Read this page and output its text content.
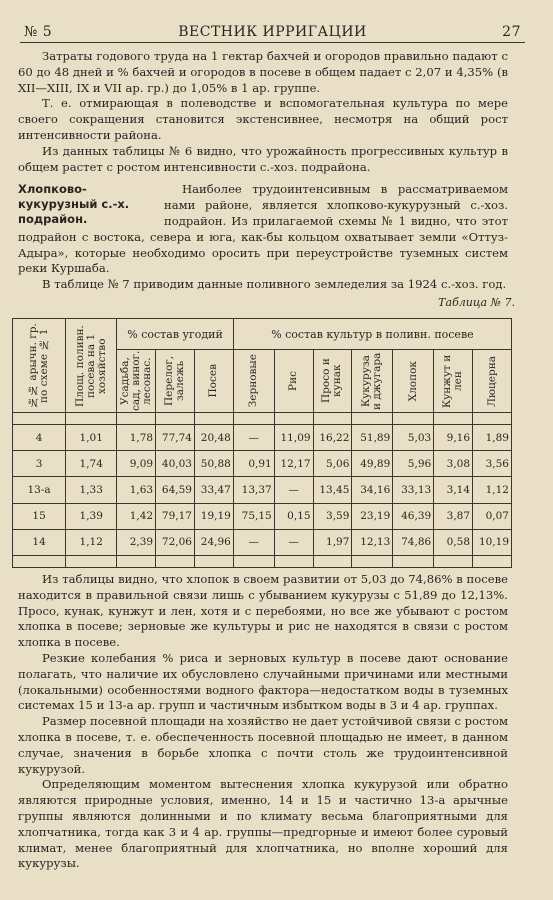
№ 5	ВЕСТНИК ИРРИГАЦИИ	27

Затраты годового труда на 1 гектар бахчей и огородов правильно падают с 60 до 48 дней и % бахчей и огородов в посеве в общем падает с 2,07 и 4,35% (в XII—XIII, IX и VII ар. гр.) до 1,05% в 1 ар. группе.

Т. е. отмирающая в полеводстве и вспомогательная культура по мере своего сокращения становится экстенсивнее, несмотря на общий рост интенсивности района.

Из данных таблицы № 6 видно, что урожайность прогрессивных культур в общем растет с ростом интенсивности с.-хоз. подрайона.

Хлопково-кукурузный с.-х. подрайон.

Наиболее трудоинтенсивным в рассматриваемом нами районе, является хлопково-кукурузный с.-хоз. подрайон. Из прилагаемой схемы № 1 видно, что этот подрайон с востока, севера и юга, как-бы кольцом охватывает земли «Оттуз-Адыра», которые необходимо оросить при переустройстве туземных систем реки Куршаба.

В таблице № 7 приводим данные поливного земледелия за 1924 с.-хоз. год.

Таблица № 7.
№№ арычн. гр. по схеме № 1	Площ. поливн. посева на 1 хозяйство	% состав угодий			% состав культур в поливн. посеве						

		Усадьба, сад, виног. лесонас.	Перелог, залежь	Посев	Зерновые	Рис	Просо и кунак	Кукуруза и джугара	Хлопок	Кунжут и лен	Люцерна

4	1,01	1,78	77,74	20,48	—	11,09	16,22	51,89	5,03	9,16	1,89
3	1,74	9,09	40,03	50,88	0,91	12,17	5,06	49,89	5,96	3,08	3,56
13-а	1,33	1,63	64,59	33,47	13,37	—	13,45	34,16	33,13	3,14	1,12
15	1,39	1,42	79,17	19,19	75,15	0,15	3,59	23,19	46,39	3,87	0,07
14	1,12	2,39	72,06	24,96	—	—	1,97	12,13	74,86	0,58	10,19

Из таблицы видно, что хлопок в своем развитии от 5,03 до 74,86% в посеве находится в правильной связи лишь с убыванием кукурузы с 51,89 до 12,13%. Просо, кунак, кунжут и лен, хотя и с перебоями, но все же убывают с ростом хлопка в посеве; зерновые же культуры и рис не находятся в связи с ростом хлопка в посеве.

Резкие колебания % риса и зерновых культур в посеве дают основание полагать, что наличие их обусловлено случайными причинами или местными (локальными) особенностями водного фактора—недостатком воды в туземных системах 15 и 13-а ар. групп и частичным избытком воды в 3 и 4 ар. группах.

Размер посевной площади на хозяйство не дает устойчивой связи с ростом хлопка в посеве, т. е. обеспеченность посевной площадью не имеет, в данном случае, значения в борьбе хлопка с почти столь же трудоинтенсивной кукурузой.

Определяющим моментом вытеснения хлопка кукурузой или обратно являются природные условия, именно, 14 и 15 и частично 13-а арычные группы являются долинными и по климату весьма благоприятными для хлопчатника, тогда как 3 и 4 ар. группы—предгорные и имеют более суровый климат, менее благоприятный для хлопчатника, но вполне хороший для кукурузы.
